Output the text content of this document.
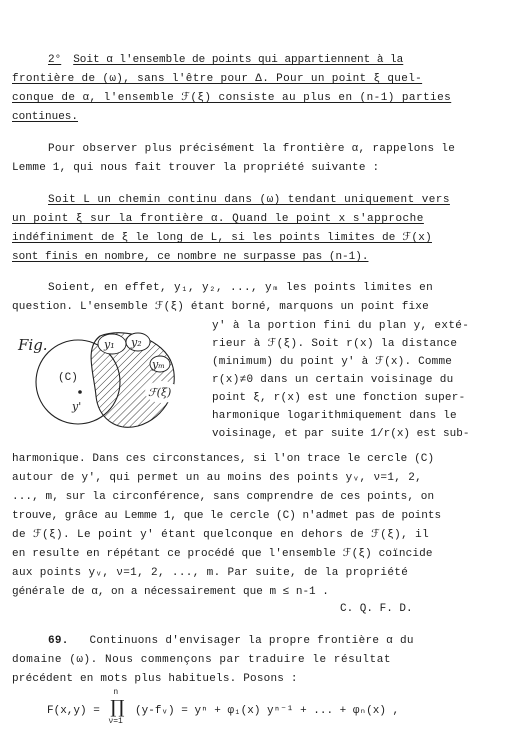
2° Soit α l'ensemble de points qui appartiennent à la
frontière de (ω), sans l'être pour Δ. Pour un point ξ quel-
conque de α, l'ensemble ℱ(ξ) consiste au plus en (n-1) parties
continues.
Pour observer plus précisément la frontière α, rappelons le
Lemme 1, qui nous fait trouver la propriété suivante :
Soit L un chemin continu dans (ω) tendant uniquement vers
un point ξ sur la frontière α. Quand le point x s'approche
indéfiniment de ξ le long de L, si les points limites de ℱ(x)
sont finis en nombre, ce nombre ne surpasse pas (n-1).
Soient, en effet, y₁, y₂, ..., yₘ les points limites en
question. L'ensemble ℱ(ξ) étant borné, marquons un point fixe
Fig.	y₁ y₂
yₘ
ℱ(ξ)
(C)
y'
y' à la portion fini du plan y, exté-
rieur à ℱ(ξ). Soit r(x) la distance
(minimum) du point y' à ℱ(x). Comme
r(x)≠0 dans un certain voisinage du
point ξ, r(x) est une fonction super-
harmonique logarithmiquement dans le
voisinage, et par suite 1/r(x) est sub-
harmonique. Dans ces circonstances, si l'on trace le cercle (C)
autour de y', qui permet un au moins des points yᵥ, ν=1, 2,
..., m, sur la circonférence, sans comprendre de ces points, on
trouve, grâce au Lemme 1, que le cercle (C) n'admet pas de points
de ℱ(ξ). Le point y' étant quelconque en dehors de ℱ(ξ), il
en resulte en répétant ce procédé que l'ensemble ℱ(ξ) coïncide
aux points yᵥ, ν=1, 2, ..., m. Par suite, de la propriété
générale de α, on a nécessairement que m ≤ n-1 .
C. Q. F. D.
69. Continuons d'envisager la propre frontière α du
domaine (ω). Nous commençons par traduire le résultat
précédent en mots plus habituels. Posons :
F(x,y) =
n
∏
ν=1
(y-fᵥ) = yⁿ + φ₁(x) yⁿ⁻¹ + ... + φₙ(x) ,
